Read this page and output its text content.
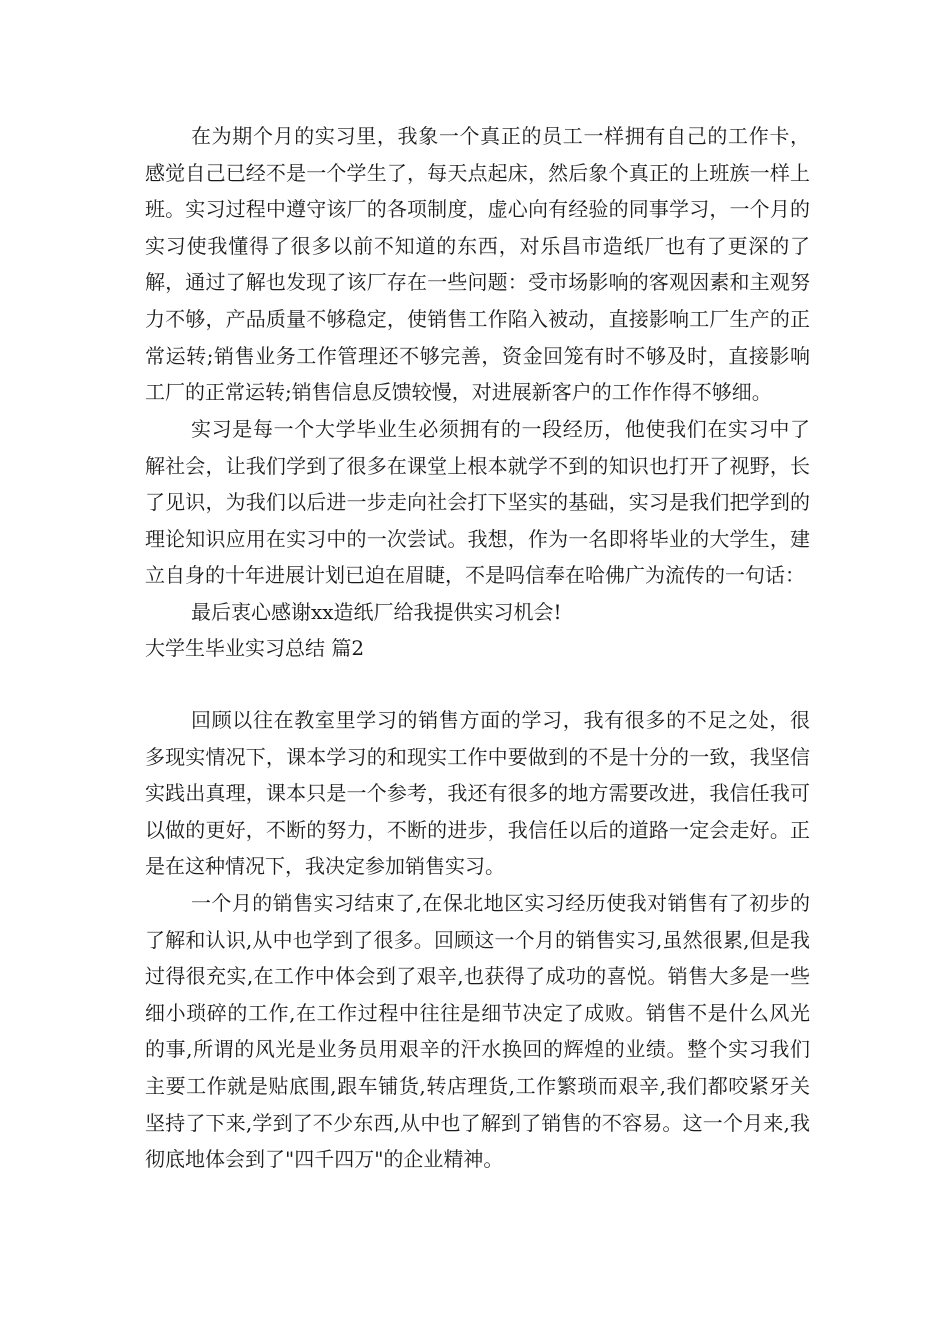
在为期个月的实习里，我象一个真正的员工一样拥有自己的工作卡，感觉自己已经不是一个学生了，每天点起床，然后象个真正的上班族一样上班。实习过程中遵守该厂的各项制度，虚心向有经验的同事学习，一个月的实习使我懂得了很多以前不知道的东西，对乐昌市造纸厂也有了更深的了解，通过了解也发现了该厂存在一些问题：受市场影响的客观因素和主观努力不够，产品质量不够稳定，使销售工作陷入被动，直接影响工厂生产的正常运转;销售业务工作管理还不够完善，资金回笼有时不够及时，直接影响工厂的正常运转;销售信息反馈较慢，对进展新客户的工作作得不够细。

实习是每一个大学毕业生必须拥有的一段经历，他使我们在实习中了解社会，让我们学到了很多在课堂上根本就学不到的知识也打开了视野，长了见识，为我们以后进一步走向社会打下坚实的基础，实习是我们把学到的理论知识应用在实习中的一次尝试。我想，作为一名即将毕业的大学生，建立自身的十年进展计划已迫在眉睫，不是吗信奉在哈佛广为流传的一句话：

最后衷心感谢xx造纸厂给我提供实习机会!

大学生毕业实习总结 篇2

回顾以往在教室里学习的销售方面的学习，我有很多的不足之处，很多现实情况下，课本学习的和现实工作中要做到的不是十分的一致，我坚信实践出真理，课本只是一个参考，我还有很多的地方需要改进，我信任我可以做的更好，不断的努力，不断的进步，我信任以后的道路一定会走好。正是在这种情况下，我决定参加销售实习。

一个月的销售实习结束了,在保北地区实习经历使我对销售有了初步的了解和认识,从中也学到了很多。回顾这一个月的销售实习,虽然很累,但是我过得很充实,在工作中体会到了艰辛,也获得了成功的喜悦。销售大多是一些细小琐碎的工作,在工作过程中往往是细节决定了成败。销售不是什么风光的事,所谓的风光是业务员用艰辛的汗水换回的辉煌的业绩。整个实习我们主要工作就是贴底围,跟车铺货,转店理货,工作繁琐而艰辛,我们都咬紧牙关坚持了下来,学到了不少东西,从中也了解到了销售的不容易。这一个月来,我彻底地体会到了"四千四万"的企业精神。
